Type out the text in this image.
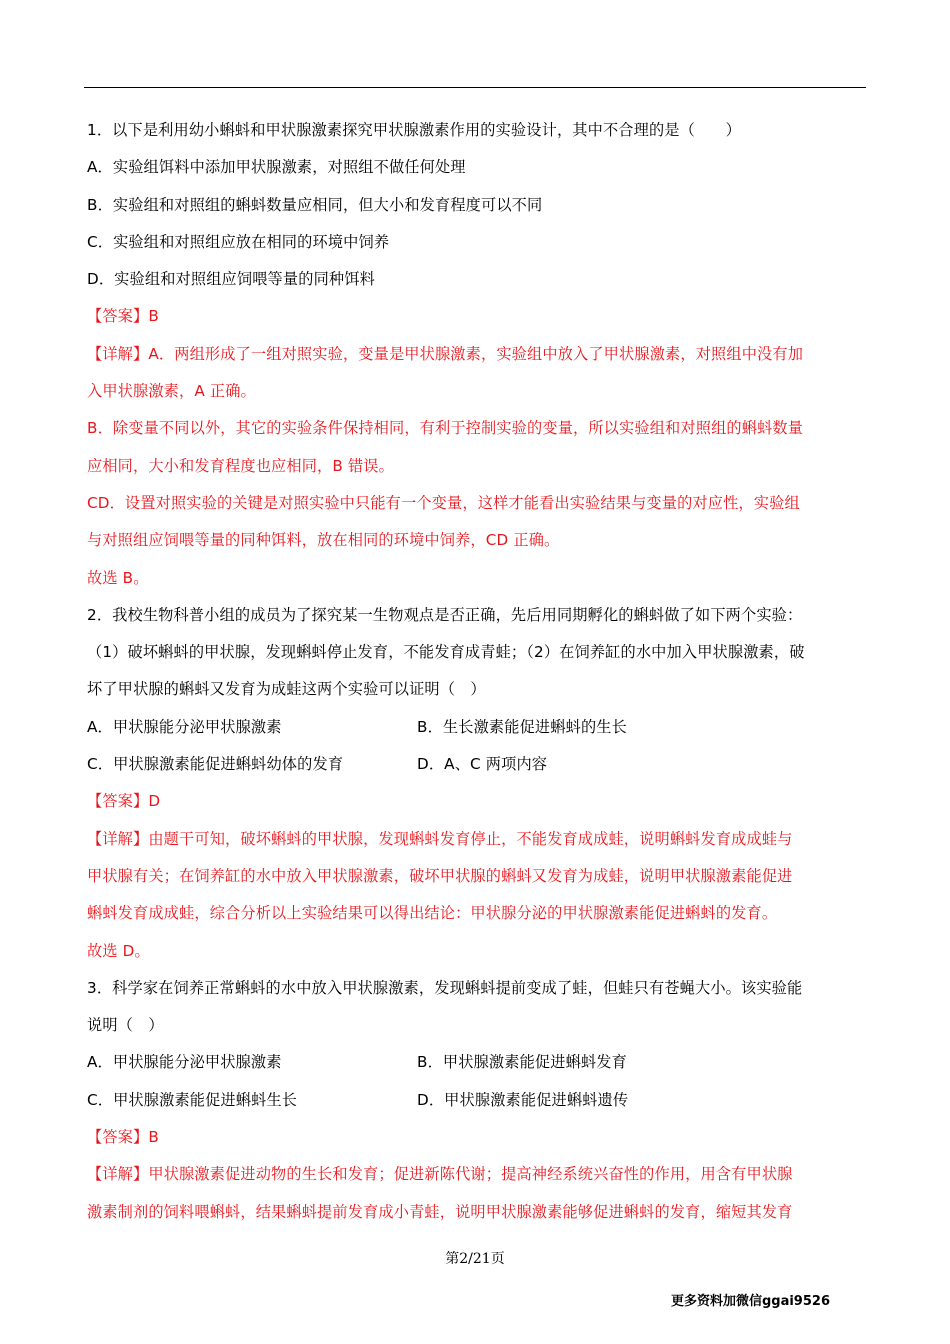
1．以下是利用幼小蝌蚪和甲状腺激素探究甲状腺激素作用的实验设计，其中不合理的是（　　）
A．实验组饵料中添加甲状腺激素，对照组不做任何处理
B．实验组和对照组的蝌蚪数量应相同，但大小和发育程度可以不同
C．实验组和对照组应放在相同的环境中饲养
D．实验组和对照组应饲喂等量的同种饵料
【答案】B
【详解】A．两组形成了一组对照实验，变量是甲状腺激素，实验组中放入了甲状腺激素，对照组中没有加
入甲状腺激素，A 正确。
B．除变量不同以外，其它的实验条件保持相同，有利于控制实验的变量，所以实验组和对照组的蝌蚪数量
应相同，大小和发育程度也应相同，B 错误。
CD．设置对照实验的关键是对照实验中只能有一个变量，这样才能看出实验结果与变量的对应性，实验组
与对照组应饲喂等量的同种饵料，放在相同的环境中饲养，CD 正确。
故选 B。
2．我校生物科普小组的成员为了探究某一生物观点是否正确，先后用同期孵化的蝌蚪做了如下两个实验：
（1）破坏蝌蚪的甲状腺，发现蝌蚪停止发育，不能发育成青蛙；（2）在饲养缸的水中加入甲状腺激素，破
坏了甲状腺的蝌蚪又发育为成蛙这两个实验可以证明（　）
A．甲状腺能分泌甲状腺激素	B．生长激素能促进蝌蚪的生长
C．甲状腺激素能促进蝌蚪幼体的发育	D．A、C 两项内容
【答案】D
【详解】由题干可知，破坏蝌蚪的甲状腺，发现蝌蚪发育停止，不能发育成成蛙，说明蝌蚪发育成成蛙与
甲状腺有关；在饲养缸的水中放入甲状腺激素，破坏甲状腺的蝌蚪又发育为成蛙，说明甲状腺激素能促进
蝌蚪发育成成蛙，综合分析以上实验结果可以得出结论：甲状腺分泌的甲状腺激素能促进蝌蚪的发育。
故选 D。
3．科学家在饲养正常蝌蚪的水中放入甲状腺激素，发现蝌蚪提前变成了蛙，但蛙只有苍蝇大小。该实验能
说明（　）
A．甲状腺能分泌甲状腺激素	B．甲状腺激素能促进蝌蚪发育
C．甲状腺激素能促进蝌蚪生长	D．甲状腺激素能促进蝌蚪遗传
【答案】B
【详解】甲状腺激素促进动物的生长和发育；促进新陈代谢；提高神经系统兴奋性的作用，用含有甲状腺
激素制剂的饲料喂蝌蚪，结果蝌蚪提前发育成小青蛙，说明甲状腺激素能够促进蝌蚪的发育，缩短其发育
第2/21页
更多资料加微信ggai9526
